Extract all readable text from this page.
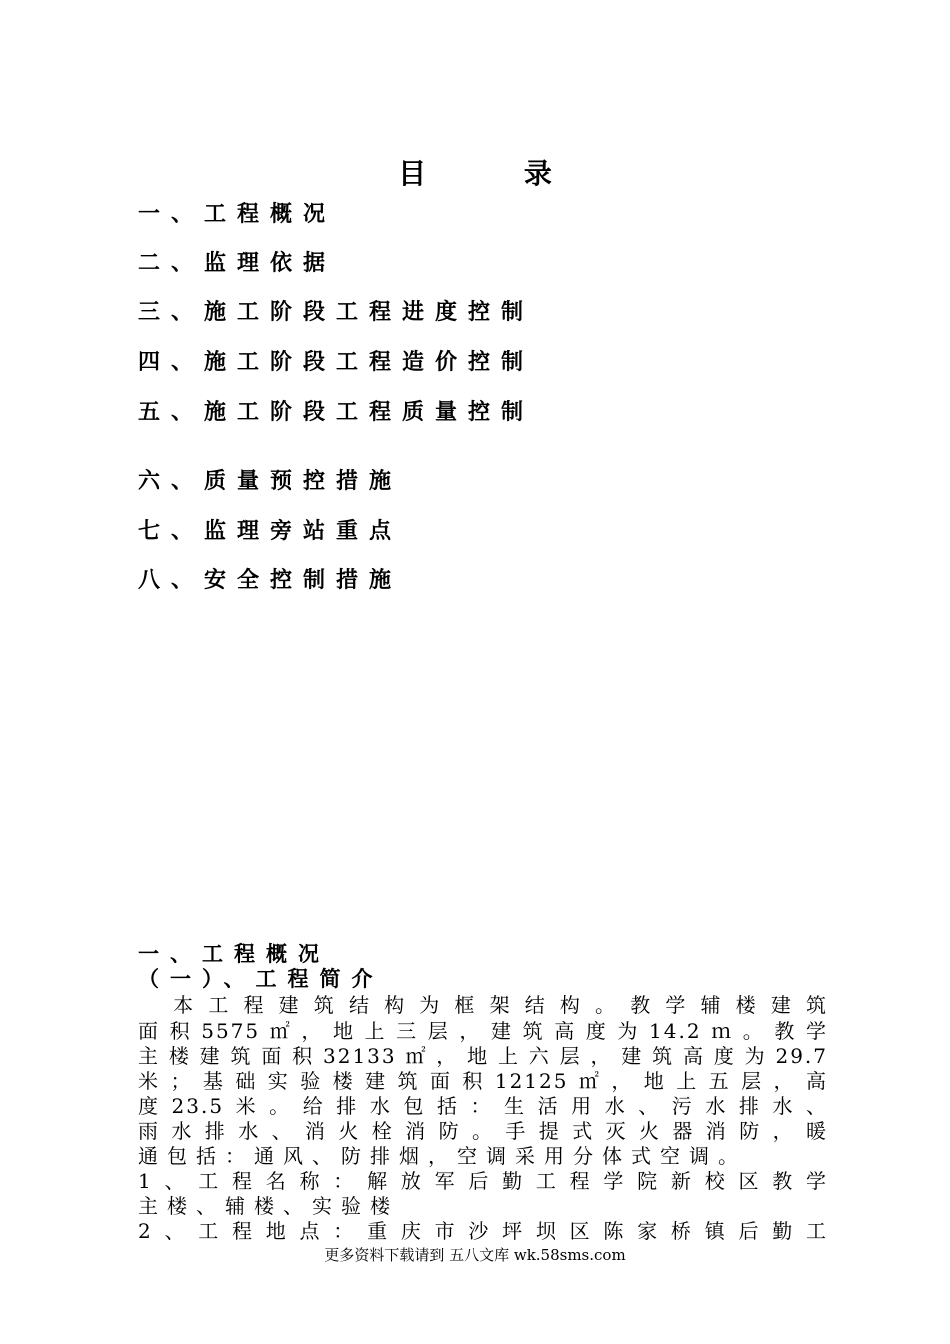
目 录
一、工程概况
二、监理依据
三、施工阶段工程进度控制
四、施工阶段工程造价控制
五、施工阶段工程质量控制
六、质量预控措施
七、监理旁站重点
八、安全控制措施
一、工程概况
（一）、工程简介
　本工程建筑结构为框架结构。教学辅楼建筑
面积5575㎡，地上三层，建筑高度为14.2ｍ。教学
主楼建筑面积32133㎡，地上六层，建筑高度为29.7
米；基础实验楼建筑面积12125㎡，地上五层，高
度23.5米。给排水包括：生活用水、污水排水、
雨水排水、消火栓消防。手提式灭火器消防，暖
通包括：通风、防排烟，空调采用分体式空调。
1、工程名称：解放军后勤工程学院新校区教学
主楼、辅楼、实验楼
2、工程地点：重庆市沙坪坝区陈家桥镇后勤工
更多资料下载请到 五八文库 wk.58sms.com
